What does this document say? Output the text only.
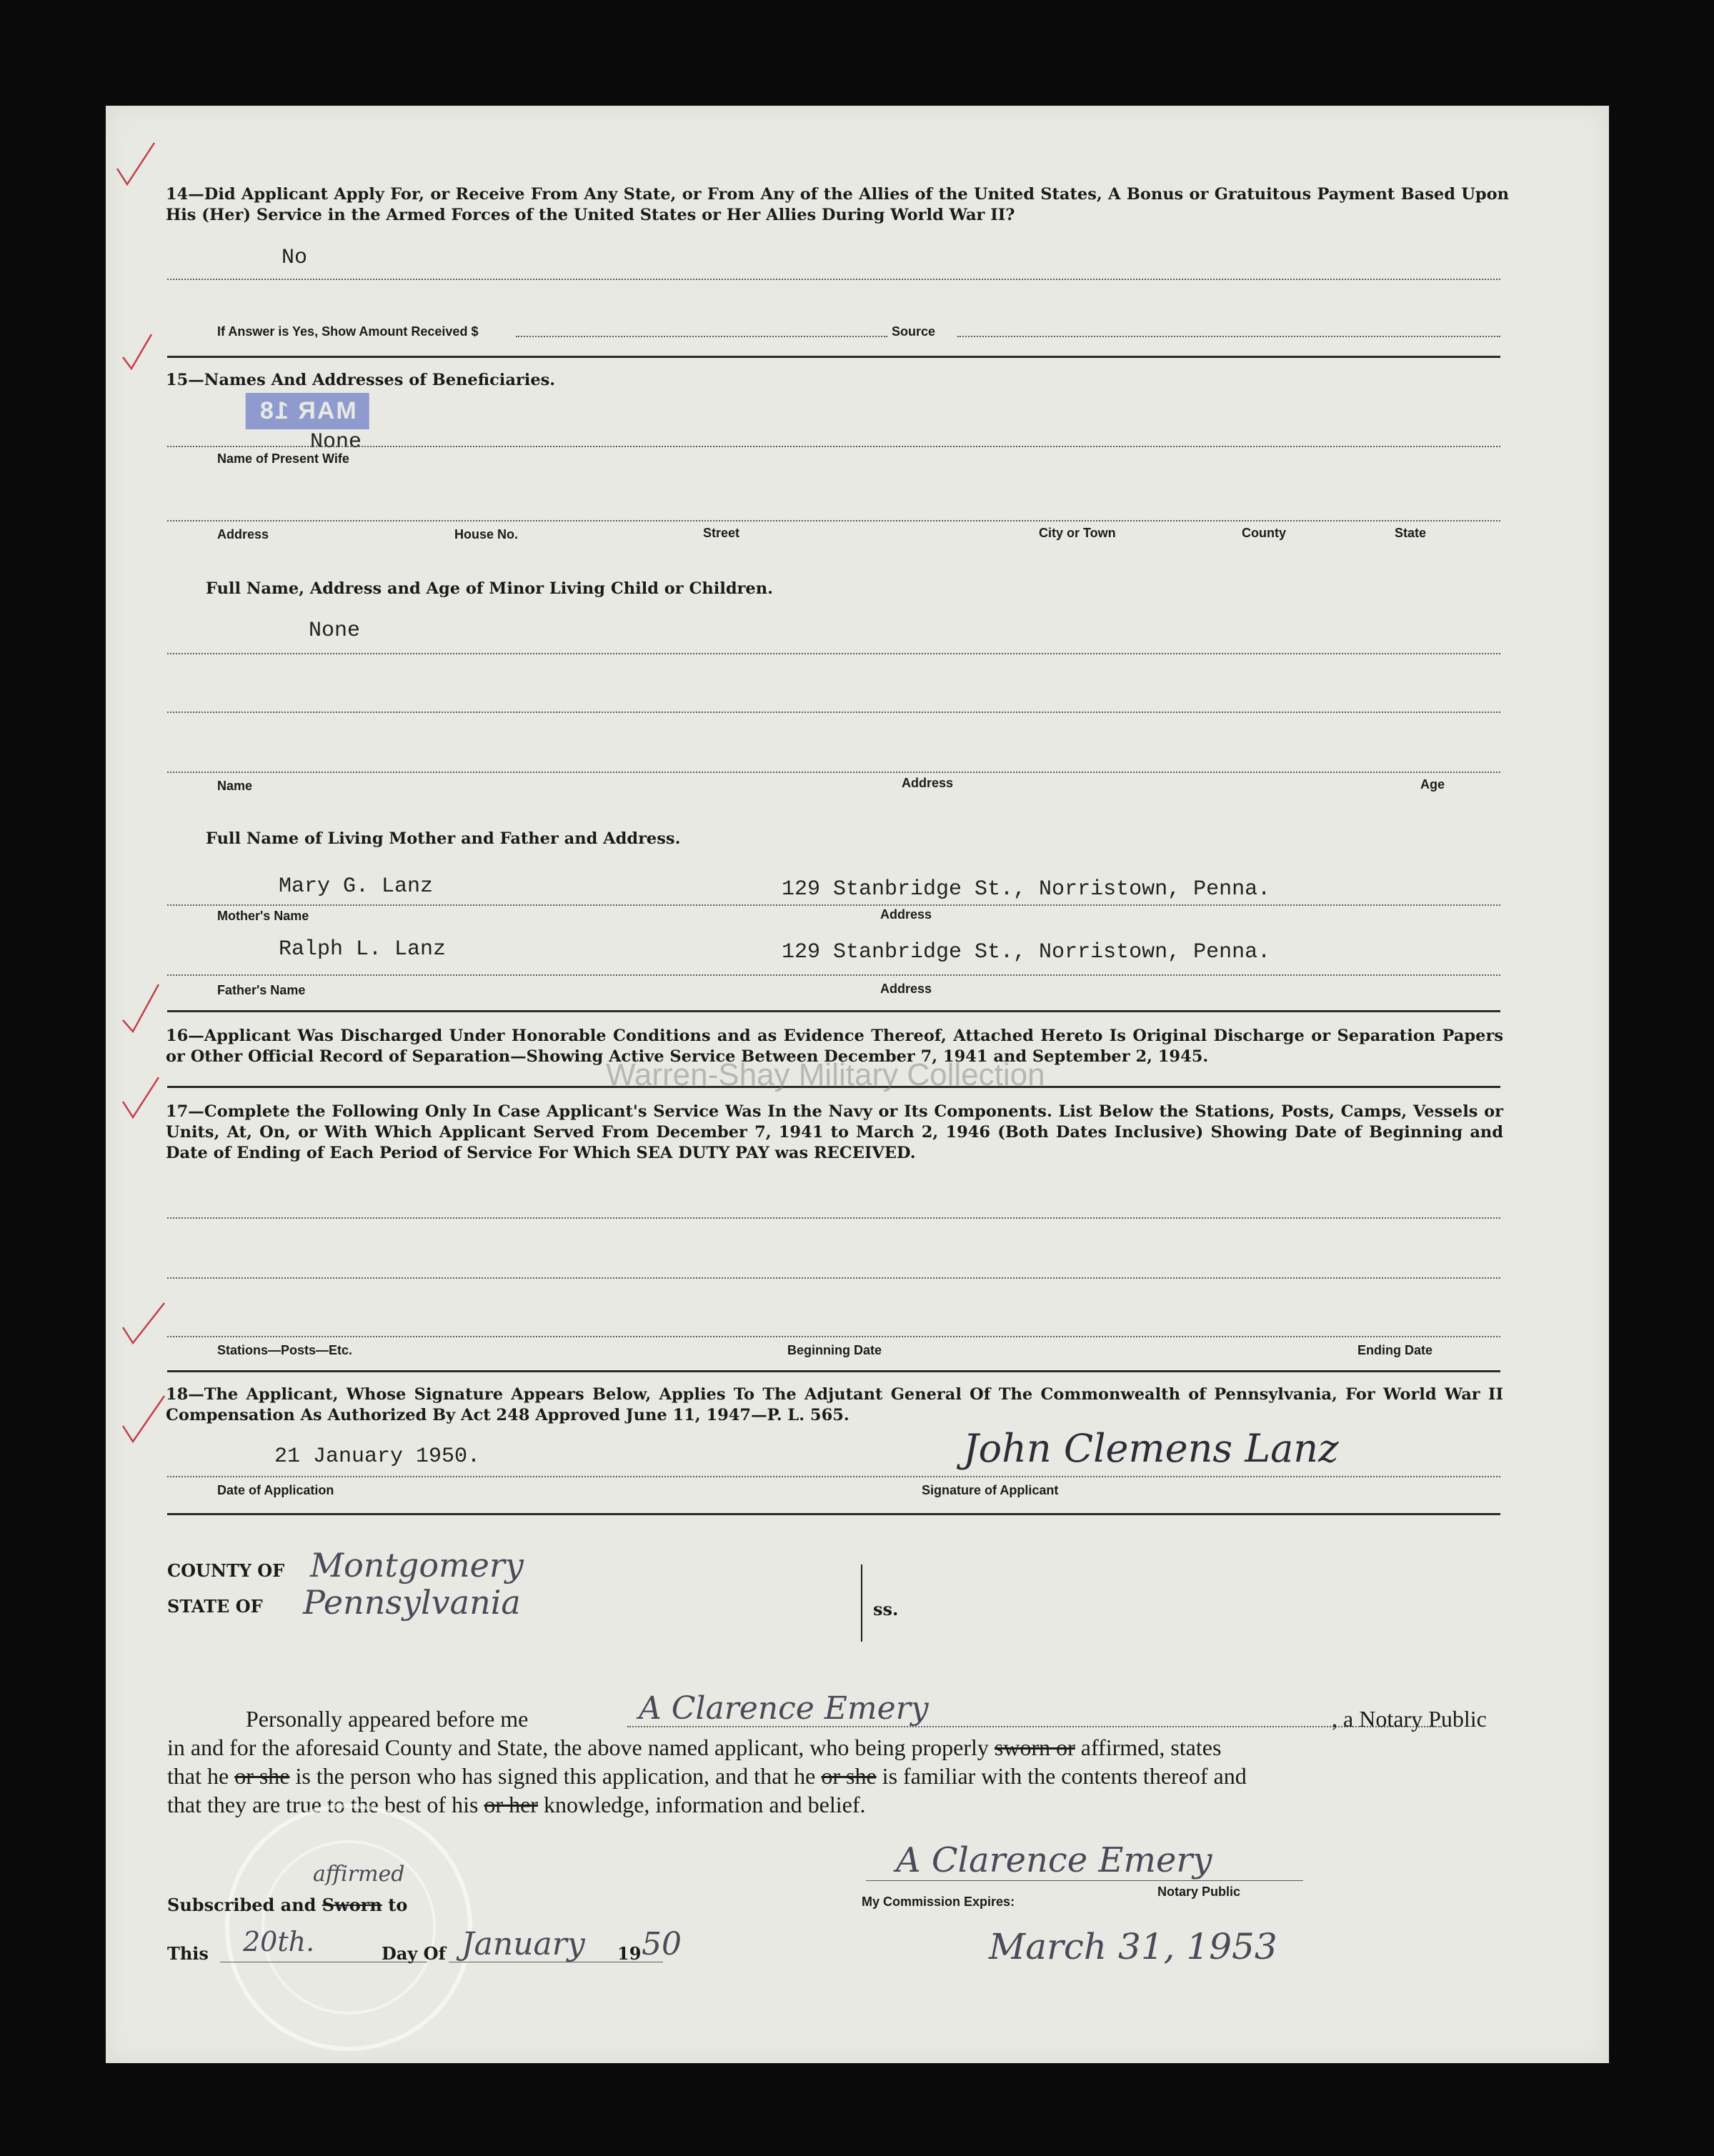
14—Did Applicant Apply For, or Receive From Any State, or From Any of the Allies of the United States, A Bonus or Gratuitous Payment Based Upon His (Her) Service in the Armed Forces of the United States or Her Allies During World War II?
No
If Answer is Yes, Show Amount Received $	Source
15—Names And Addresses of Beneficiaries.
MAR 18
None
Name of Present Wife
Address	House No.	Street	City or Town	County	State
Full Name, Address and Age of Minor Living Child or Children.
None
Name	Address	Age
Full Name of Living Mother and Father and Address.
Mary G. Lanz	129 Stanbridge St., Norristown, Penna.
Mother's Name	Address
Ralph L. Lanz	129 Stanbridge St., Norristown, Penna.
Father's Name	Address
16—Applicant Was Discharged Under Honorable Conditions and as Evidence Thereof, Attached Hereto Is Original Discharge or Separation Papers or Other Official Record of Separation—Showing Active Service Between December 7, 1941 and September 2, 1945.
Warren-Shay Military Collection
17—Complete the Following Only In Case Applicant's Service Was In the Navy or Its Components. List Below the Stations, Posts, Camps, Vessels or Units, At, On, or With Which Applicant Served From December 7, 1941 to March 2, 1946 (Both Dates Inclusive) Showing Date of Beginning and Date of Ending of Each Period of Service For Which SEA DUTY PAY was RECEIVED.
Stations—Posts—Etc.	Beginning Date	Ending Date
18—The Applicant, Whose Signature Appears Below, Applies To The Adjutant General Of The Commonwealth of Pennsylvania, For World War II Compensation As Authorized By Act 248 Approved June 11, 1947—P. L. 565.
21 January 1950.	John Clemens Lanz
Date of Application	Signature of Applicant
COUNTY OF Montgomery
STATE OF Pennsylvania	ss.
Personally appeared before me	A Clarence Emery	, a Notary Public
in and for the aforesaid County and State, the above named applicant, who being properly sworn or affirmed, states
that he or she is the person who has signed this application, and that he or she is familiar with the contents thereof and
that they are true to the best of his or her knowledge, information and belief.
A Clarence Emery
Notary Public
Subscribed and Sworn to
affirmed
My Commission Expires:
This 20th.	Day Of January 19 50	March 31, 1953
